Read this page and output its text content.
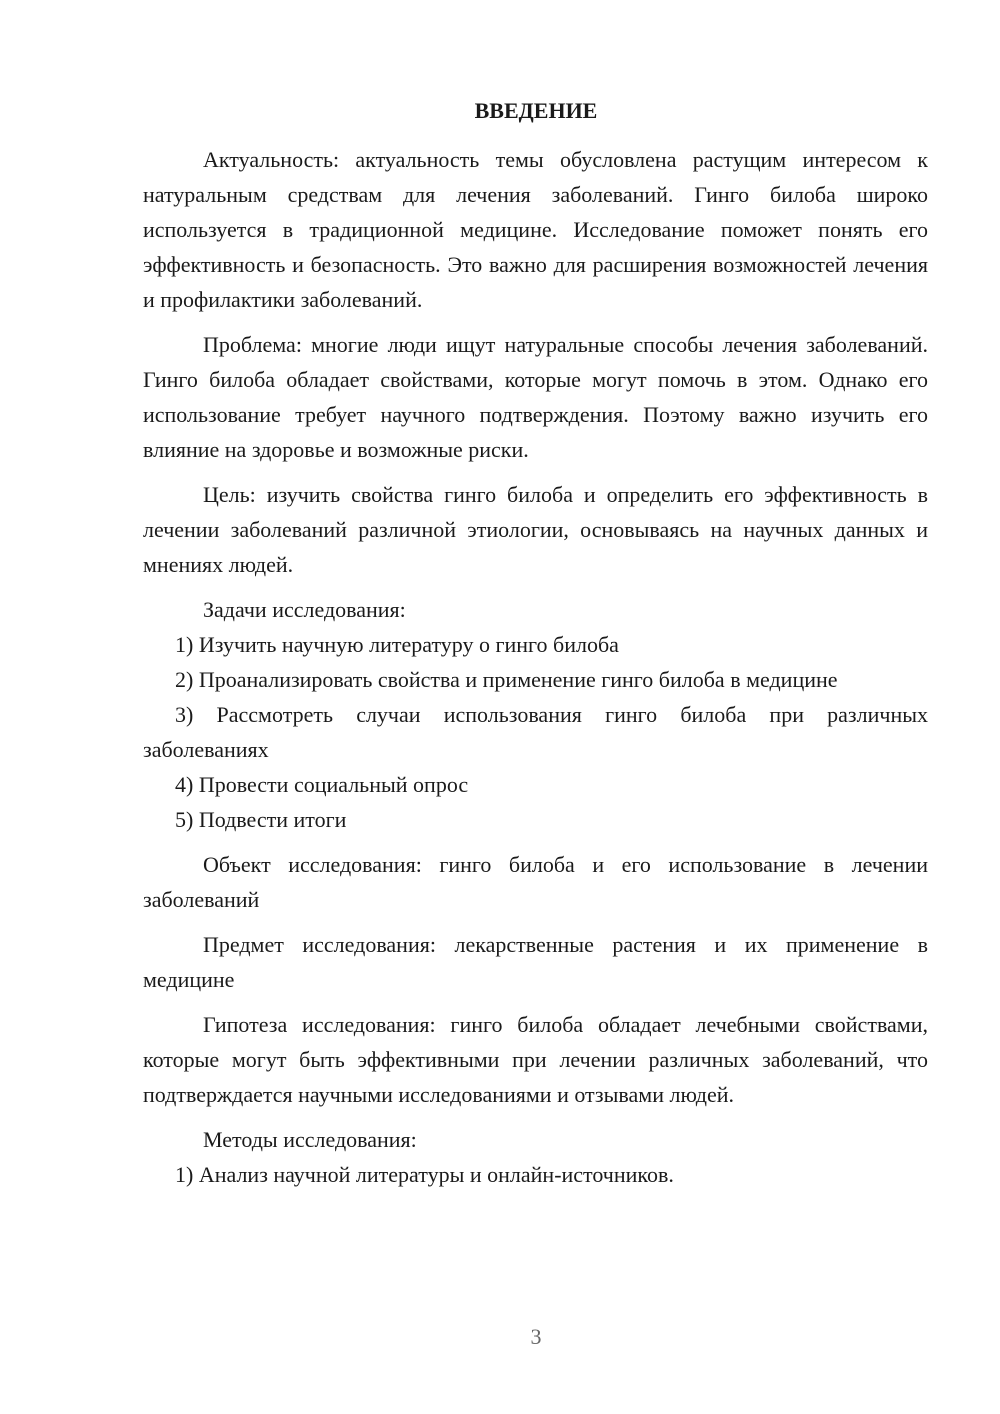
ВВЕДЕНИЕ

Актуальность: актуальность темы обусловлена растущим интересом к натуральным средствам для лечения заболеваний. Гинго билоба широко используется в традиционной медицине. Исследование поможет понять его эффективность и безопасность. Это важно для расширения возможностей лечения и профилактики заболеваний.

Проблема: многие люди ищут натуральные способы лечения заболеваний. Гинго билоба обладает свойствами, которые могут помочь в этом. Однако его использование требует научного подтверждения. Поэтому важно изучить его влияние на здоровье и возможные риски.

Цель: изучить свойства гинго билоба и определить его эффективность в лечении заболеваний различной этиологии, основываясь на научных данных и мнениях людей.

Задачи исследования:

1) Изучить научную литературу о гинго билоба

2) Проанализировать свойства и применение гинго билоба в медицине

3) Рассмотреть случаи использования гинго билоба при различных заболеваниях

4) Провести социальный опрос

5) Подвести итоги

Объект исследования: гинго билоба и его использование в лечении заболеваний

Предмет исследования: лекарственные растения и их применение в медицине

Гипотеза исследования: гинго билоба обладает лечебными свойствами, которые могут быть эффективными при лечении различных заболеваний, что подтверждается научными исследованиями и отзывами людей.

Методы исследования:

1) Анализ научной литературы и онлайн-источников.

3
